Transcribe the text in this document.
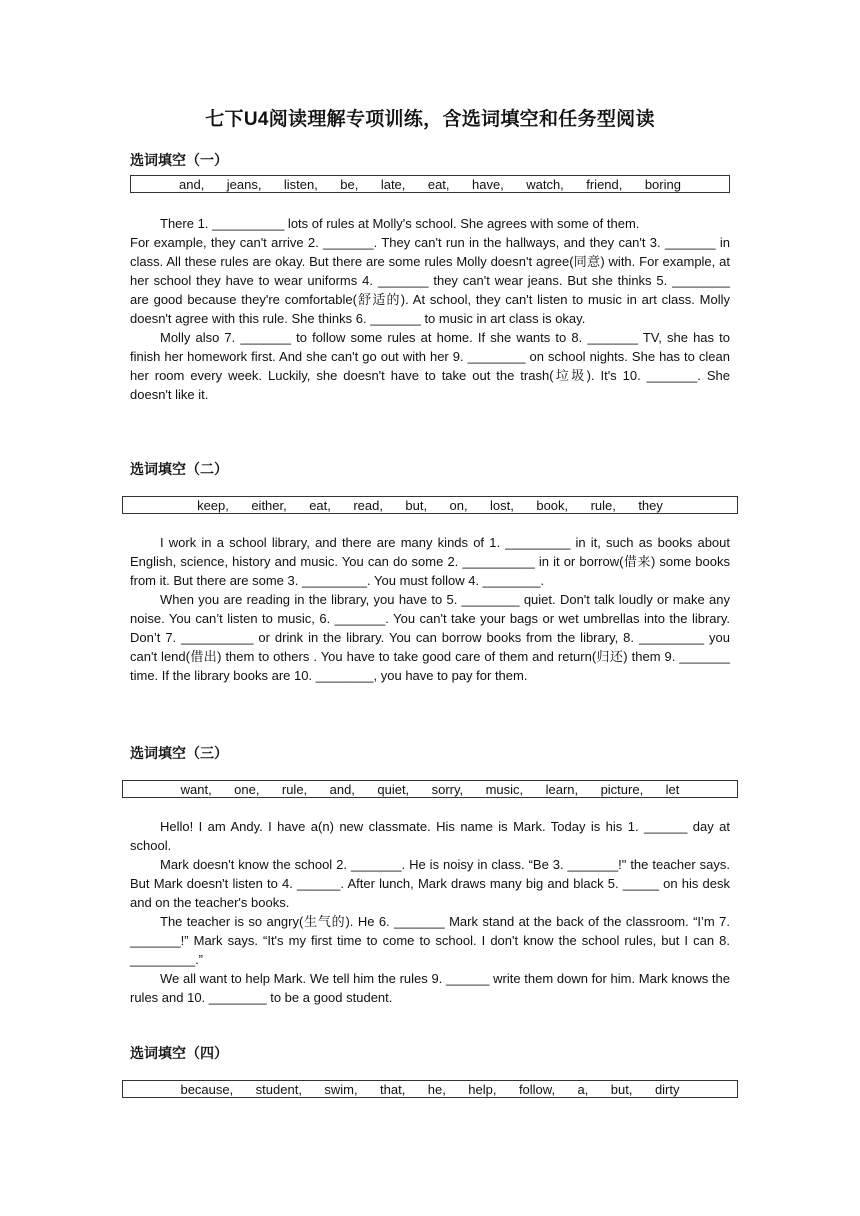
七下U4阅读理解专项训练，含选词填空和任务型阅读
选词填空（一）
and,    jeans,    listen,    be,    late,    eat,    have,    watch,    friend,    boring

There 1. __________ lots of rules at Molly's school. She agrees with some of them.

For example, they can't arrive 2. _______. They can't run in the hallways, and they can't 3. _______ in class. All these rules are okay. But there are some rules Molly doesn't agree(同意) with. For example, at her school they have to wear uniforms 4. _______ they can't wear jeans. But she thinks 5. ________ are good because they're comfortable(舒适的). At school, they can't listen to music in art class. Molly doesn't agree with this rule. She thinks 6. _______ to music in art class is okay.

Molly also 7. _______ to follow some rules at home. If she wants to 8. _______ TV, she has to finish her homework first. And she can't go out with her 9. ________ on school nights. She has to clean her room every week. Luckily, she doesn't have to take out the trash(垃圾). It's 10. _______. She doesn't like it.

选词填空（二）
keep,    either,    eat,    read,    but,    on,    lost,    book,    rule,    they

I work in a school library, and there are many kinds of 1. _________ in it, such as books about English, science, history and music. You can do some 2. __________ in it or borrow(借来) some books from it. But there are some 3. _________. You must follow 4. ________.

When you are reading in the library, you have to 5. ________ quiet. Don't talk loudly or make any noise. You can’t listen to music, 6. _______. You can't take your bags or wet umbrellas into the library. Don’t 7. __________ or drink in the library. You can borrow books from the library, 8. _________ you can't lend(借出) them to others . You have to take good care of them and return(归还) them 9. _______ time. If the library books are 10. ________, you have to pay for them.

选词填空（三）
want,    one,    rule,    and,    quiet,    sorry,    music,    learn,    picture,    let

Hello! I am Andy. I have a(n) new classmate. His name is Mark. Today is his 1. ______ day at school.

Mark doesn't know the school 2. _______. He is noisy in class. “Be 3. _______!" the teacher says. But Mark doesn't listen to 4. ______. After lunch, Mark draws many big and black 5. _____ on his desk and on the teacher's books.

The teacher is so angry(生气的). He 6. _______ Mark stand at the back of the classroom. “I’m 7. _______!” Mark says. “It's my first time to come to school. I don't know the school rules, but I can 8. _________.”

We all want to help Mark. We tell him the rules 9. ______ write them down for him. Mark knows the rules and 10. ________ to be a good student.

选词填空（四）
because,    student,    swim,    that,    he,    help,    follow,    a,    but,    dirty
